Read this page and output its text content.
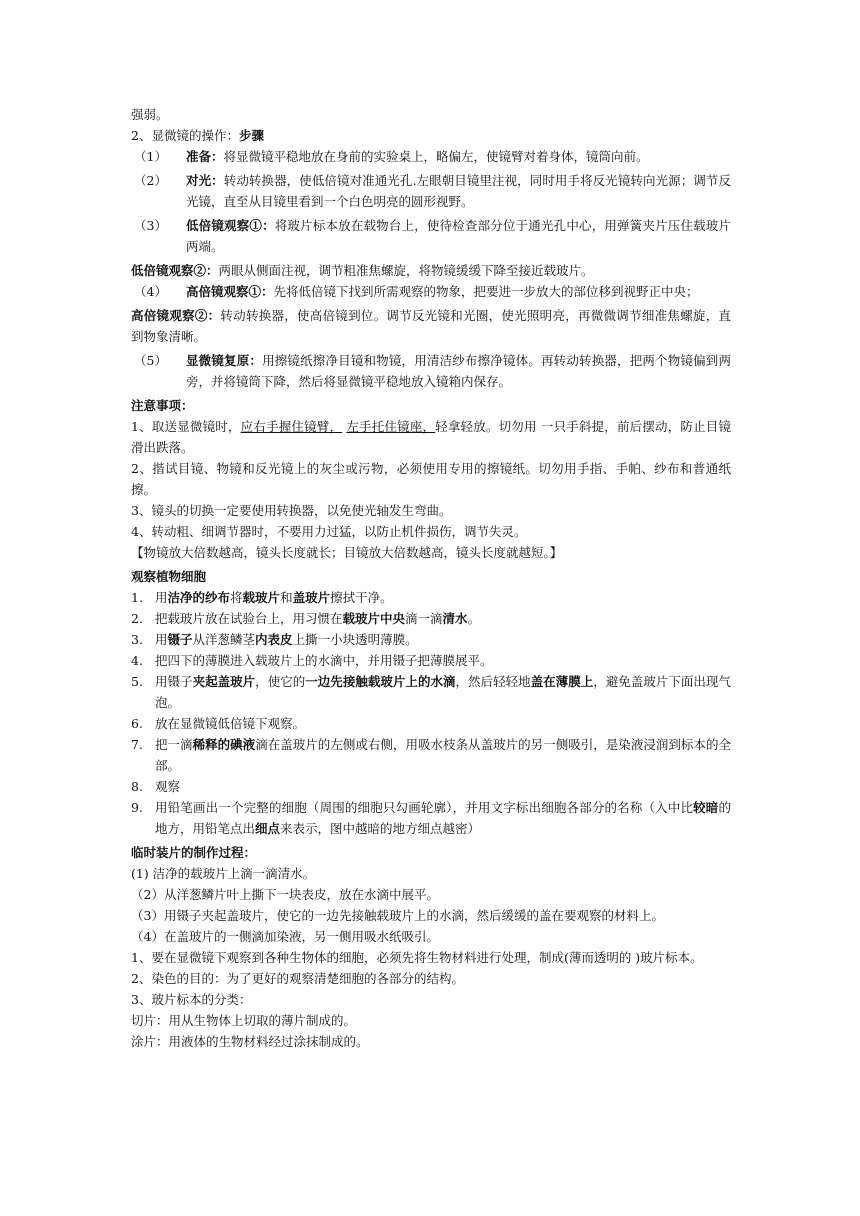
强弱。
2、显微镜的操作：步骤
（1）	准备：将显微镜平稳地放在身前的实验桌上，略偏左，使镜臂对着身体，镜筒向前。
（2）	对光：转动转换器，使低倍镜对准通光孔.左眼朝目镜里注视，同时用手将反光镜转向光源；调节反光镜，直至从目镜里看到一个白色明亮的圆形视野。
（3）	低倍镜观察①：将玻片标本放在载物台上，使待检查部分位于通光孔中心，用弹簧夹片压住载玻片两端。
低倍镜观察②：两眼从侧面注视，调节粗准焦螺旋，将物镜缓缓下降至接近载玻片。
（4）	高倍镜观察①：先将低倍镜下找到所需观察的物象，把要进一步放大的部位移到视野正中央；
高倍镜观察②：转动转换器，使高倍镜到位。调节反光镜和光圈，使光照明亮，再微微调节细准焦螺旋，直到物象清晰。
（5）	显微镜复原：用擦镜纸擦净目镜和物镜，用清洁纱布擦净镜体。再转动转换器，把两个物镜偏到两旁，并将镜筒下降，然后将显微镜平稳地放入镜箱内保存。
注意事项：
1、取送显微镜时，应右手握住镜臂， 左手托住镜座，轻拿轻放。切勿用 一只手斜提，前后摆动，防止目镜滑出跌落。
2、揩试目镜、物镜和反光镜上的灰尘或污物，必须使用专用的擦镜纸。切勿用手指、手帕、纱布和普通纸擦。
3、镜头的切换一定要使用转换器，以免使光轴发生弯曲。
4、转动粗、细调节器时，不要用力过猛，以防止机件损伤，调节失灵。
【物镜放大倍数越高，镜头长度就长；目镜放大倍数越高，镜头长度就越短。】
观察植物细胞
1. 用洁净的纱布将载玻片和盖玻片擦拭干净。
2. 把载玻片放在试验台上，用习惯在载玻片中央滴一滴清水。
3. 用镊子从洋葱鳞茎内表皮上撕一小块透明薄膜。
4. 把四下的薄膜进入载玻片上的水滴中，并用镊子把薄膜展平。
5. 用镊子夹起盖玻片，使它的一边先接触载玻片上的水滴，然后轻轻地盖在薄膜上，避免盖玻片下面出现气泡。
6. 放在显微镜低倍镜下观察。
7. 把一滴稀释的碘液滴在盖玻片的左侧或右侧，用吸水枝条从盖玻片的另一侧吸引，是染液浸润到标本的全部。
8. 观察
9. 用铅笔画出一个完整的细胞（周围的细胞只勾画轮廓），并用文字标出细胞各部分的名称（入中比较暗的地方，用铅笔点出细点来表示，图中越暗的地方细点越密）
临时装片的制作过程：
(1) 洁净的载玻片上滴一滴清水。
（2）从洋葱鳞片叶上撕下一块表皮，放在水滴中展平。
（3）用镊子夹起盖玻片，使它的一边先接触载玻片上的水滴，然后缓缓的盖在要观察的材料上。
（4）在盖玻片的一侧滴加染液，另一侧用吸水纸吸引。
1、要在显微镜下观察到各种生物体的细胞，必须先将生物材料进行处理，制成(薄而透明的 )玻片标本。
2、染色的目的：为了更好的观察清楚细胞的各部分的结构。
3、玻片标本的分类：
切片：用从生物体上切取的薄片制成的。
涂片：用液体的生物材料经过涂抹制成的。
